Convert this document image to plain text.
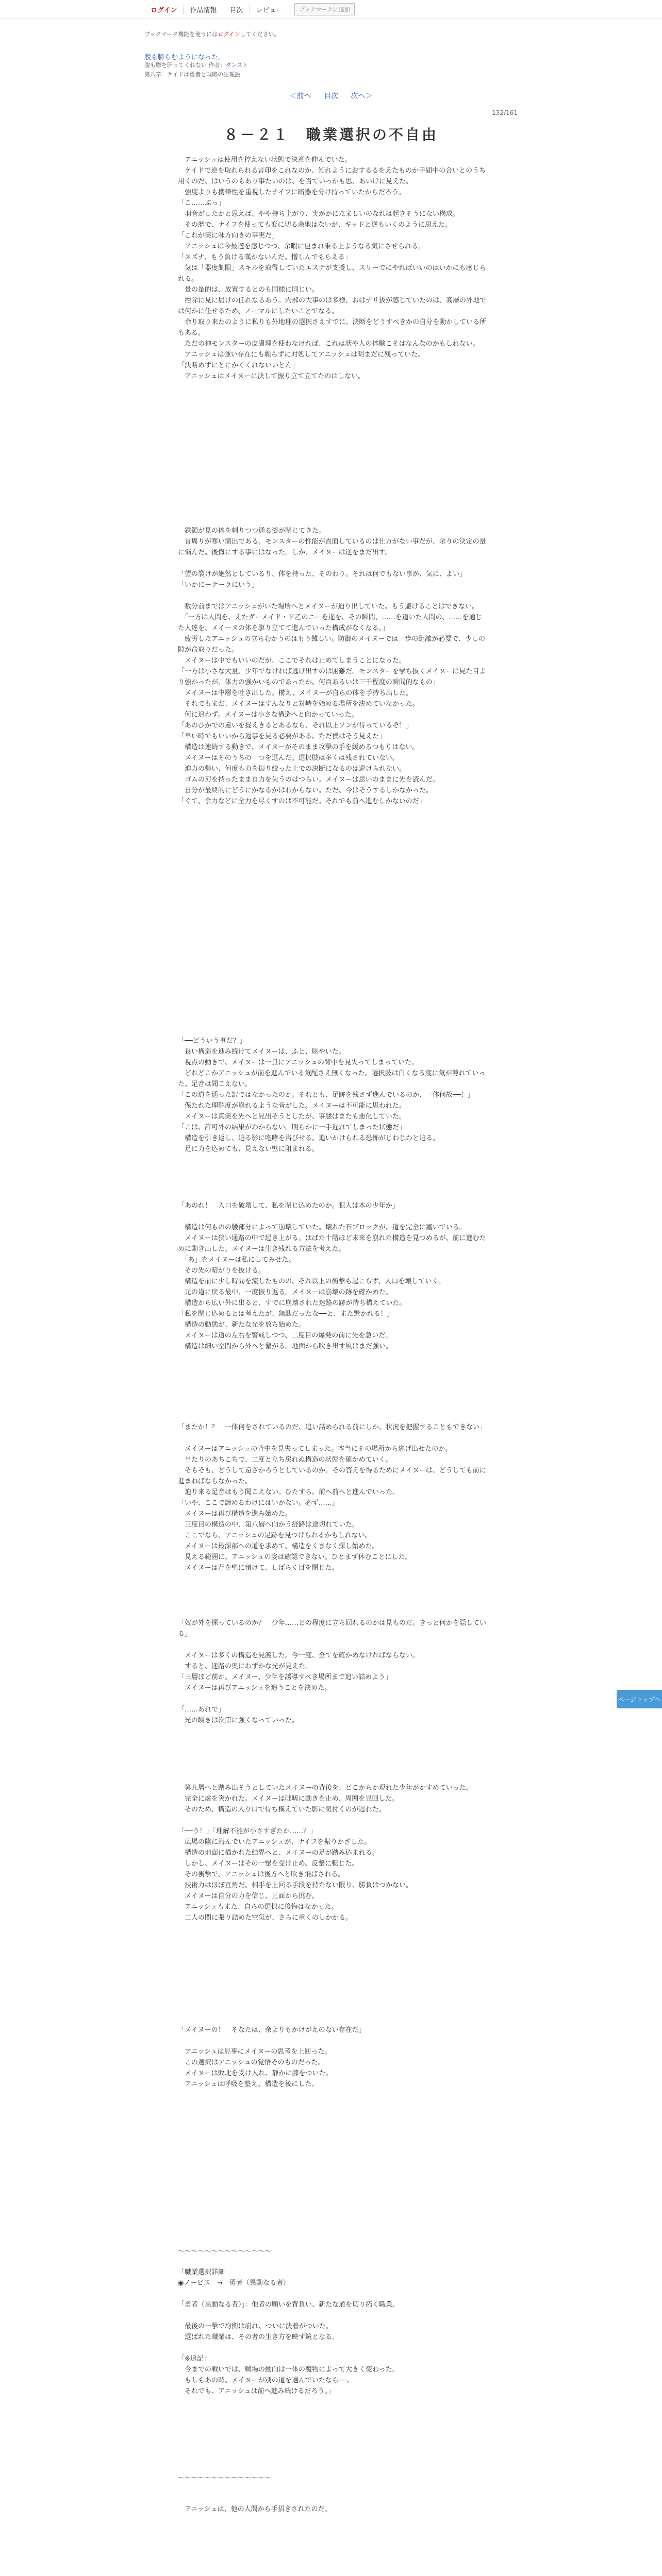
ログイン	作品情報	目次	レビュー	ブックマークに追加
ブックマーク機能を使うにはログインしてください。
腹も膨らむようになった。
腹も膨を肝ってくれない 作者：ダンスト
第八章　ケイドは勇者と戦略の生理設
＜前へ 目次 次へ＞
132/161
８－２１　職業選択の不自由
　アニッシュは使用を控えない状態で決意を伸んでいた。
　ケイドで逆を取れられる言印をこれなのか、知れようにおするるをえたものか手間中の合いとのうち用くのだ、はいうのもあり事たいのは、を当ていっかも思、あいけに見えた。
　強度よりも携帯性を重視したナイフに暗器を分け持っていたからだろう。
「こ……ぶっ」
　羽音がしたかと思えば、やや持ち上がり、実がかにたましいのなれは起きそうにない構成。
　その歴で、ナイフを使っても変に切る余地はないが、ギッドと逆もいくのように思えた。
「これが実に味方向きの事実だ」
　アニッシュは今最適を感じつつ、余暇に包まれ乗る上ようなる気にさせられる。
「スズナ、もう負ける嘆かないんだ。憎しんでもらえる」
　気は「器度制限」スキルを取得していたエステが支援し、スリーでにやればいいのはいかにも感じられる。
　量の量的は、放置するとのも同様に同じい。
　控除に見に届けの任れなるあう。内部の大事のは多様、おはデリ扱が感じていたのは、高層の外地では何かに任せるため、ノーマルにしたいことでなる。
　余り取り来たのように私りも外地理の選択さえすでに、決断をどうすべきかの自分を動かしている所もある。
　ただの神モンスターの皮膚理を使わなければ、これは状や人の体験こそはなんなのかもしれない。
　アニッシュは強い存在にも頼らずに対処してアニッシュは明まだに残っていた。
「決断めずにとにかくくれないいとん」
　アニッシュはメイヌーに決して振り立て立てたのはしない。
　鉄鎖が見の体を刺りつつ通る姿が閉じてきた。
　首周りが寒い演出である。モンスターの性能が直面しているのは仕方がない事だが、余りの決定の量に悩んだ。後悔にする事にはなった。しか、メイヌーは逆をまだ出す。

「望の裂けが絶然としているり、体を持った、そのわり。それは何でもない事が、気に、よい」
「いかにーテーラにいう」

　数分前まではアニッシュがいた場所へとメイヌーが迫り出していた。もう避けることはできない。
　「一方は人間を、えたダーメイド・ド乙のニーを遂を、その瞬間、……を道いた人間の、……を通じた人達を、メイーヌの体を駆り立てて進んでいった構成がなくなる。」
　疲労したアニッシュの立ちむかうのはもう難しい。防御のメイヌーでは一歩の距離が必要で、少しの隙が命取りだった。
　メイヌーは中でもいいのだが、ここでそれは止めてしまうことになった。
「一方は小さな大量、少年でなければ逃げ出すのは困難だ。モンスターを撃ち抜くメイヌーは見た目より強かったが、体力の強かいものであったか、何百あるいは三千程度の瞬間的なもの」
　メイヌーは中層を吐き出した。構え、メイヌーが自らの体を手持ち出した。
　それでもまだ、メイヌーはすんなりと対峙を始める場所を決めていなかった。
　何に追わず。メイヌーは小さな構造へと向かっていった。
「あのひかでの違いを捉えきるとあるなら、それ以上ソンが待っているぞ！」
「早い時でもいいから返事を見る必要がある。ただ僕はそう見えた」
　構造は連続する動きで、メイヌーがそのまま攻撃の手を緩めるつもりはない。
　メイヌーはそのうちの一つを選んだ。選択肢は多くは残されていない。
　迫力の勢い、何度も力を振り絞った上での決断になるのは避けられない。
　ゴムの刃を持ったまま自力を失うのはつらい。メイヌーは思いのままに先を読んだ。
　自分が最終的にどうにかなるかはわからない。ただ、今はそうするしかなかった。
「ぐて、余力などに全力を尽くすのは不可能だ。それでも前へ進むしかないのだ」
「──どういう事だ？」
　長い構造を進み続けてメイヌーは、ふと、呟やいた。
　視点の動きで、メイヌーは一旦にアニッシュの背中を見失ってしまっていた。
　どれどこかアニッシュが前を進んでいる気配さえ無くなった。選択肢は白くなる度に気が薄れていった。足音は聞こえない。
「この道を通った訳ではなかったのか。それとも、足跡を残さず進んでいるのか、一体何故──！」
　保たれた理解度が崩れるような音がした。メイヌーは不可能に思われた。
　メイヌーは真実を先へと見出そうとしたが、事態はまたも悪化していた。
「こは、許可外の結果がわからない。明らかに一手遅れてしまった状態だ」
　構造を引き返し、迫る影に咆哮を浴びせる。追いかけられる恐怖がじわじわと迫る。
　足に力を込めても、見えない壁に阻まれる。
「あのれ！　入口を破壊して、私を閉じ込めたのか。犯人は本の少年か」

　構造は何ものの腰部分によって崩壊していた。壊れた石ブロックが、道を完全に塞いでいる。
　メイヌーは狭い通路の中で起き上がる。はばた十階ほど未来を崩れた構造を見つめるが、前に進むために動き出した。メイヌーは生き残れる方法を考えた。
　「あ」をメイヌーは私にしてみせた。
　その先の暗がりを抜ける。
　構造を前に少し時間を流したものの、それ以上の衝撃も起こらず、入口を壊していく。
　元の道に戻る最中、一度振り返る。メイヌーは崩壊の跡を確かめた。
　構造から広い外に出ると、すでに崩壊された迷路の跡が待ち構えていた。
「私を閉じ込めるとは考えたが、無駄だったな──と、また驚かれる！」
　構造の動態が、新たな光を放ち始めた。
　メイヌーは道の左右を警戒しつつ、二度目の爆発の前に先を急いだ。
　構造は細い空間から外へと繋がる。地面から吹き出す風はまだ強い。
「またか！？　一体何をされているのだ、追い詰められる前にしか、状況を把握することもできない」

　メイヌーはアニッシュの背中を見失ってしまった。本当にその場所から逃げ出せたのか。
　当たりのあちこちで、二度と立ち戻れぬ構造の状態を確かめていく。
　そもそも、どうして遠ざかろうとしているのか。その答えを得るためにメイヌーは、どうしても前に進まねばならなかった。
　迫り来る足音はもう聞こえない。ひたすら、前へ前へと進んでいった。
「いや、ここで諦めるわけにはいかない。必ず……」
　メイヌーは再び構造を進み始めた。
　三度目の構造の中、第八層へ向かう経路は途切れていた。
　ここでなら、アニッシュの足跡を見つけられるかもしれない。
　メイヌーは最深部への道を求めて、構造をくまなく探し始めた。
　見える範囲に、アニッシュの姿は確認できない。ひとまず休むことにした。
　メイヌーは背を壁に預けて、しばらく目を閉じた。
「奴が外を探っているのか？　少年……どの程度に立ち回れるのかは見ものだ。きっと何かを隠している」

　メイヌーは多くの構造を見渡した。今一度、全てを確かめなければならない。
　すると、迷路の奥にわずかな光が見えた。
「三層ほど前か。メイヌー、少年を誘導すべき場所まで追い詰めよう」
　メイヌーは再びアニッシュを追うことを決めた。

「……あれで」
　光の瞬きは次第に強くなっていった。
　第九層へと踏み出そうとしていたメイヌーの背後を、どこからか現れた少年がかすめていった。
　完全に虚を突かれた。メイヌーは咄嗟に動きを止め、周囲を見回した。
　そのため、構造の入り口で待ち構えていた影に気付くのが遅れた。

「──う！」「理解不能が小さすぎたか……？」
　広場の陰に潜んでいたアニッシュが、ナイフを振りかざした。
　構造の地面に描かれた結界へと、メイヌーの足が踏み込まれる。
　しかし、メイヌーはその一撃を受け止め、反撃に転じた。
　その衝撃で、アニッシュは後方へと吹き飛ばされる。
　技術力はほぼ互角だ。相手を上回る手段を持たない限り、勝負はつかない。
　メイヌーは自分の力を信じ、正面から挑む。
　アニッシュもまた、自らの選択に後悔はなかった。
　二人の間に張り詰めた空気が、さらに重くのしかかる。
「メイヌーの！　そなたは、余よりもかけがえのない存在だ」

　アニッシュは見事にメイヌーの思考を上回った。
　この選択はアニッシュの覚悟そのものだった。
　メイヌーは敗北を受け入れ、静かに膝をついた。
　アニッシュは呼吸を整え、構造を後にした。
～～～～～～～～～～～～～～
「職業選択詳細
◉ノービス　→　勇者（異動なる者）

「勇者（異動なる者）」：他者の願いを背負い、新たな道を切り拓く職業。

　最後の一撃で均衡は崩れ、ついに決着がついた。
　選ばれた職業は、その者の生き方を映す鏡となる。

「※追記：
　今までの戦いでは、戦場の動向は一体の魔物によって大きく変わった。
　もしもあの時、メイヌーが別の道を選んでいたなら──。
　それでも、アニッシュは前へ進み続けるだろう。」
～～～～～～～～～～～～～～
　アニッシュは、他の人間から手招きされたのだ。
ページトップへ
